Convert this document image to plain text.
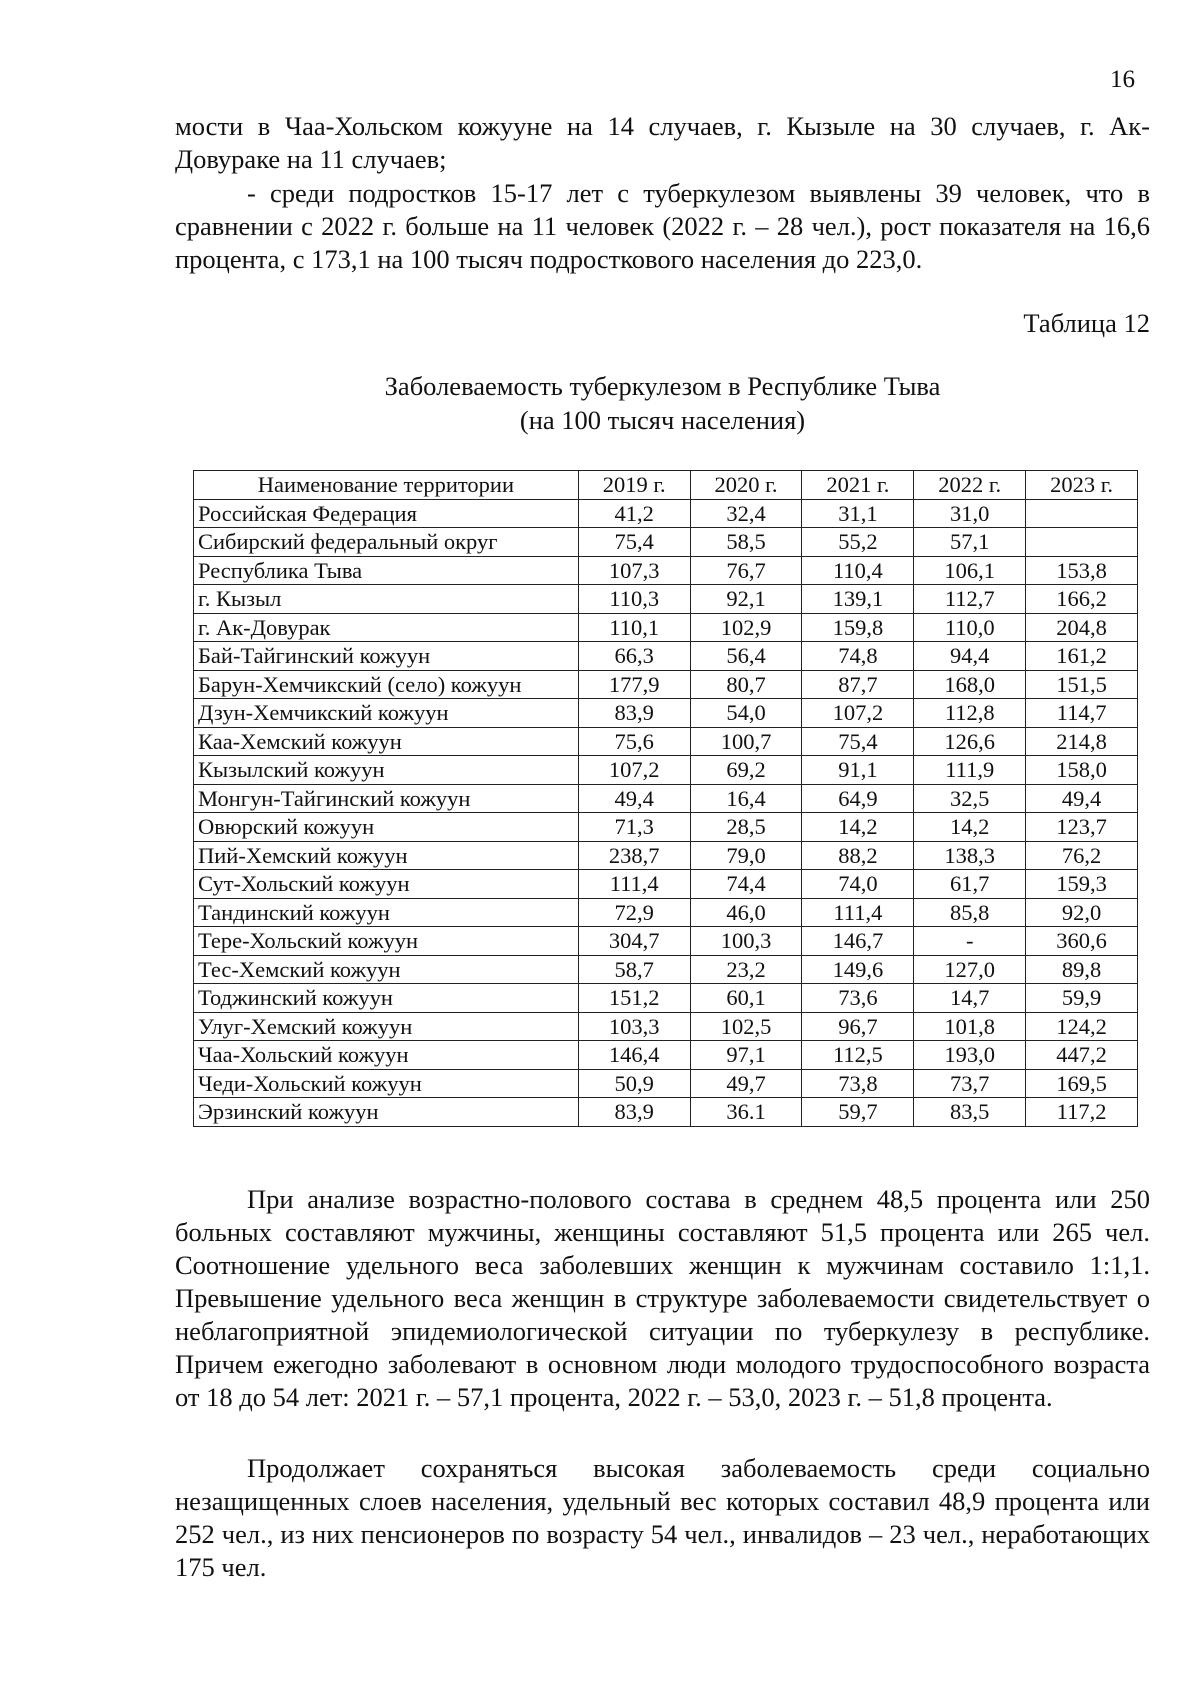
16

мости в Чаа-Хольском кожууне на 14 случаев, г. Кызыле на 30 случаев, г. Ак-Довураке на 11 случаев;

- среди подростков 15-17 лет с туберкулезом выявлены 39 человек, что в сравнении с 2022 г. больше на 11 человек (2022 г. – 28 чел.), рост показателя на 16,6 процента, с 173,1 на 100 тысяч подросткового населения до 223,0.

Таблица 12
Заболеваемость туберкулезом в Республике Тыва
(на 100 тысяч населения)
Наименование территории	2019 г.	2020 г.	2021 г.	2022 г.	2023 г.
Российская Федерация	41,2	32,4	31,1	31,0	
Сибирский федеральный округ	75,4	58,5	55,2	57,1	
Республика Тыва	107,3	76,7	110,4	106,1	153,8
г. Кызыл	110,3	92,1	139,1	112,7	166,2
г. Ак-Довурак	110,1	102,9	159,8	110,0	204,8
Бай-Тайгинский кожуун	66,3	56,4	74,8	94,4	161,2
Барун-Хемчикский (село) кожуун	177,9	80,7	87,7	168,0	151,5
Дзун-Хемчикский кожуун	83,9	54,0	107,2	112,8	114,7
Каа-Хемский кожуун	75,6	100,7	75,4	126,6	214,8
Кызылский кожуун	107,2	69,2	91,1	111,9	158,0
Монгун-Тайгинский кожуун	49,4	16,4	64,9	32,5	49,4
Овюрский кожуун	71,3	28,5	14,2	14,2	123,7
Пий-Хемский кожуун	238,7	79,0	88,2	138,3	76,2
Сут-Хольский кожуун	111,4	74,4	74,0	61,7	159,3
Тандинский кожуун	72,9	46,0	111,4	85,8	92,0
Тере-Хольский кожуун	304,7	100,3	146,7	-	360,6
Тес-Хемский кожуун	58,7	23,2	149,6	127,0	89,8
Тоджинский кожуун	151,2	60,1	73,6	14,7	59,9
Улуг-Хемский кожуун	103,3	102,5	96,7	101,8	124,2
Чаа-Хольский кожуун	146,4	97,1	112,5	193,0	447,2
Чеди-Хольский кожуун	50,9	49,7	73,8	73,7	169,5
Эрзинский кожуун	83,9	36.1	59,7	83,5	117,2

При анализе возрастно-полового состава в среднем 48,5 процента или 250 больных составляют мужчины, женщины составляют 51,5 процента или 265 чел. Соотношение удельного веса заболевших женщин к мужчинам составило 1:1,1. Превышение удельного веса женщин в структуре заболеваемости свидетельствует о неблагоприятной эпидемиологической ситуации по туберкулезу в республике. Причем ежегодно заболевают в основном люди молодого трудоспособного возраста от 18 до 54 лет: 2021 г. – 57,1 процента, 2022 г. – 53,0, 2023 г. – 51,8 процента.

Продолжает сохраняться высокая заболеваемость среди социально незащищенных слоев населения, удельный вес которых составил 48,9 процента или 252 чел., из них пенсионеров по возрасту 54 чел., инвалидов – 23 чел., неработающих 175 чел.
